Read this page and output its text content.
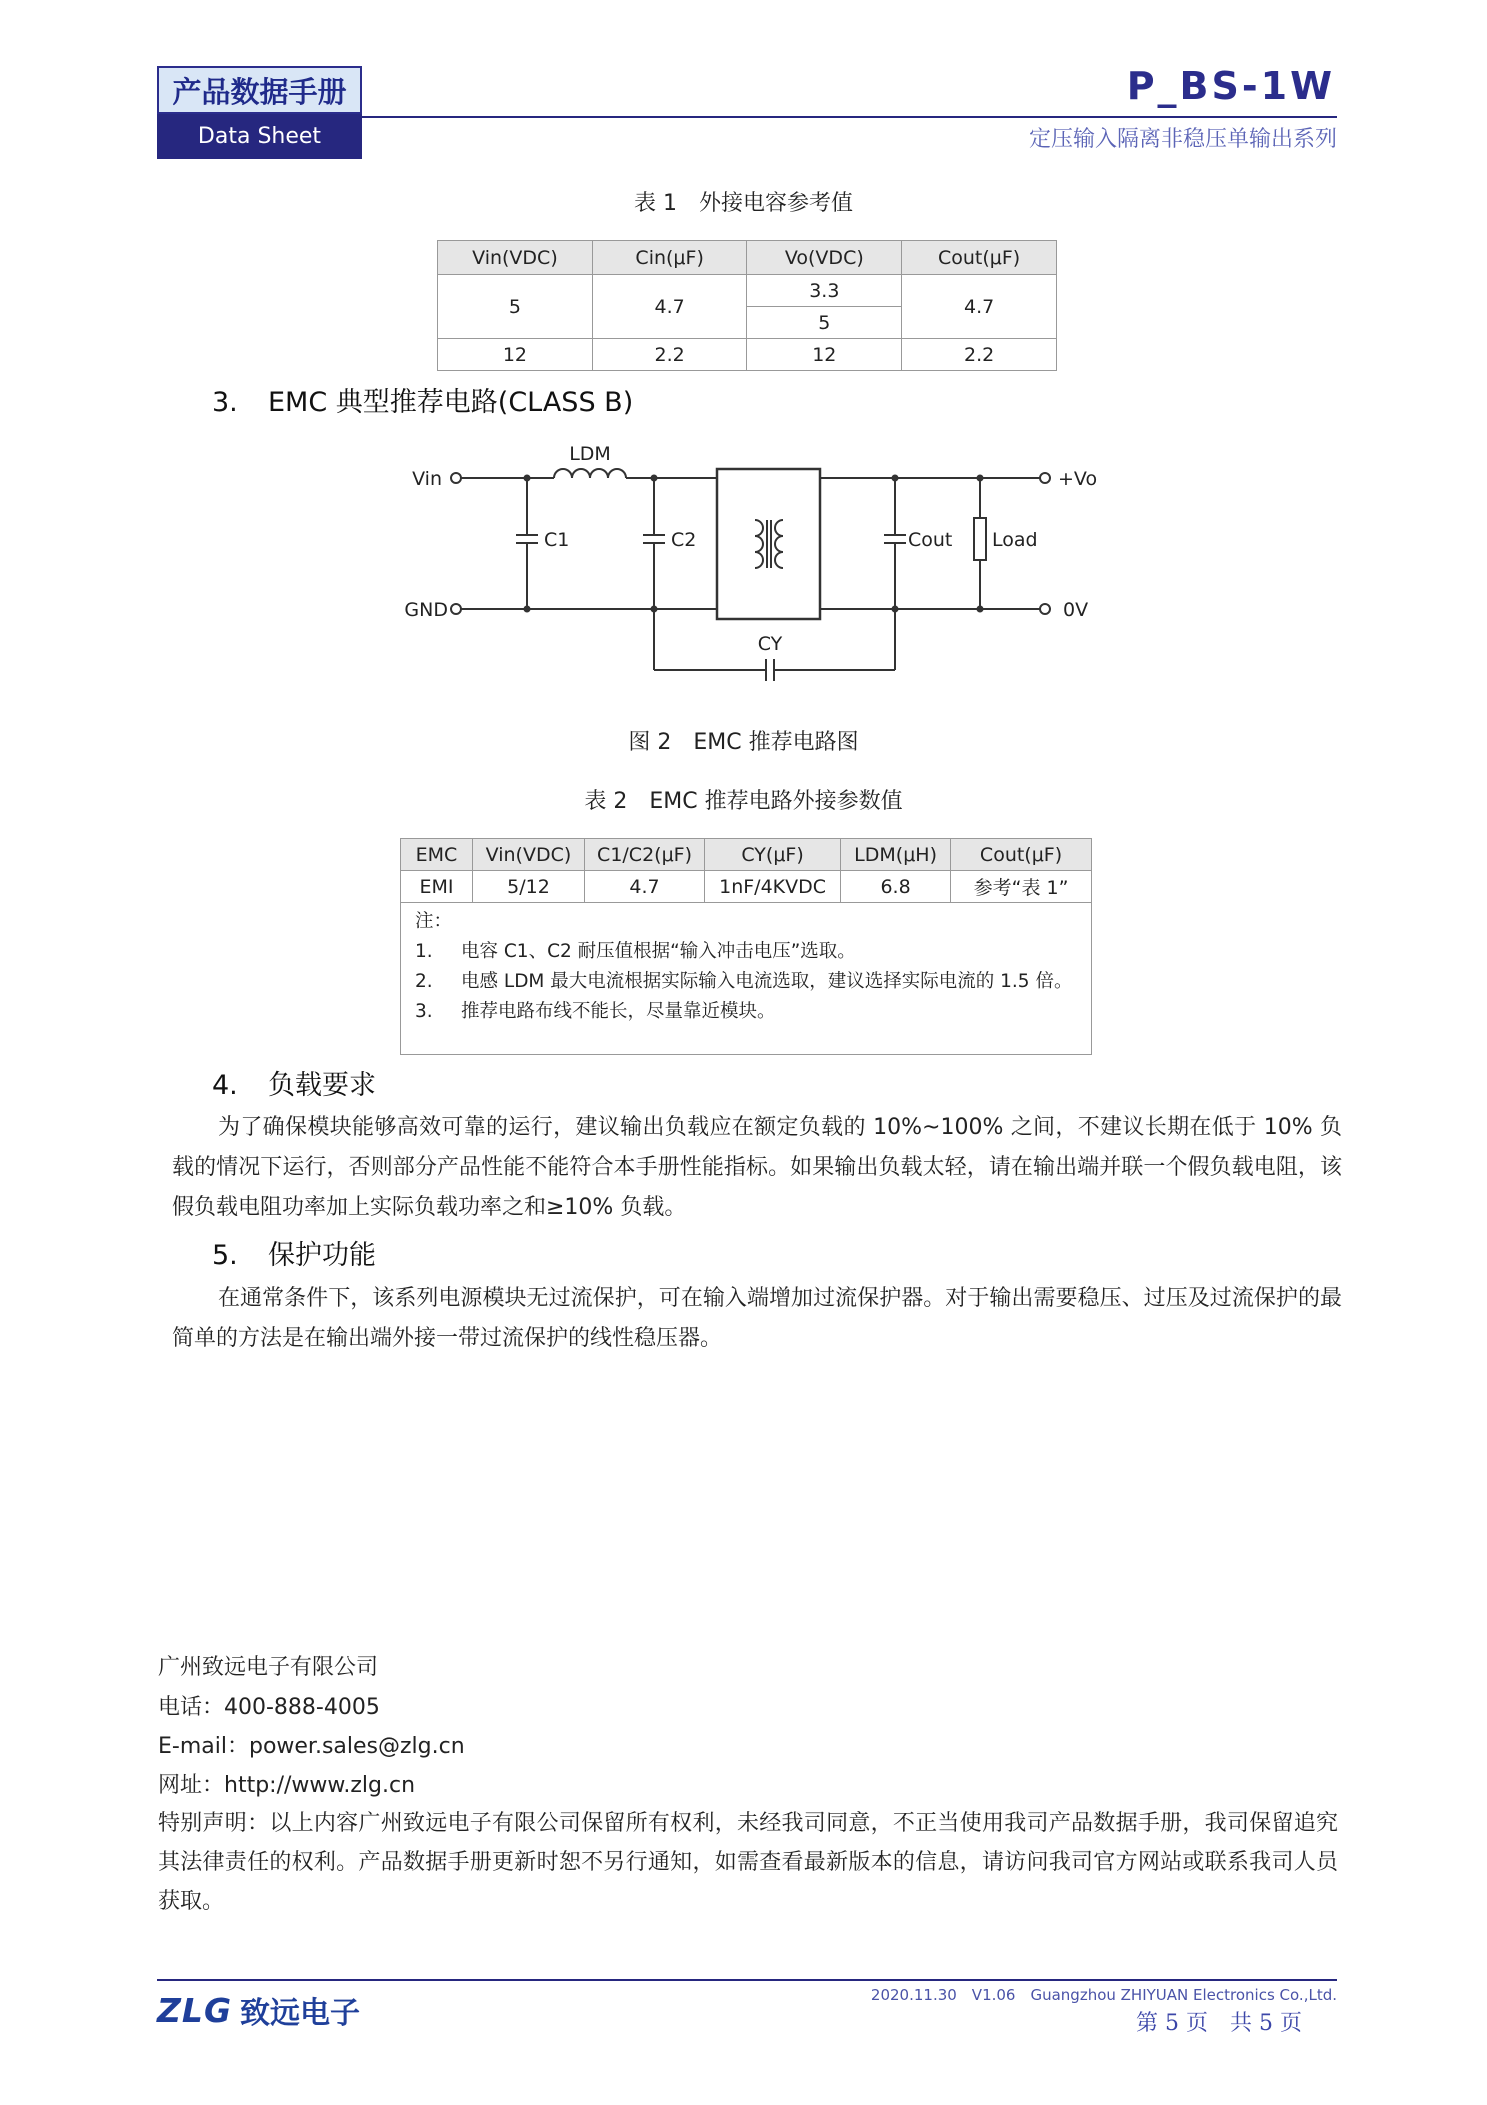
产品数据手册
Data Sheet
P_BS-1W
定压输入隔离非稳压单输出系列
表 1　外接电容参考值
Vin(VDC)	Cin(μF)	Vo(VDC)	Cout(μF)
5	4.7	3.3	4.7
		5	
12	2.2	12	2.2
3. EMC 典型推荐电路(CLASS B)
Vin
GND
LDM
C1	C2	Cout Load
+Vo
0V
CY
图 2　EMC 推荐电路图
表 2　EMC 推荐电路外接参数值
EMC	Vin(VDC)	C1/C2(μF)	CY(μF)	LDM(μH)	Cout(μF)
EMI	5/12	4.7	1nF/4KVDC	6.8	参考“表 1”
注：
1.	电容 C1、C2 耐压值根据“输入冲击电压”选取。
2.	电感 LDM 最大电流根据实际输入电流选取，建议选择实际电流的 1.5 倍。
3.	推荐电路布线不能长，尽量靠近模块。
4. 负载要求
为了确保模块能够高效可靠的运行，建议输出负载应在额定负载的 10%~100% 之间，不建议长期在低于 10% 负载的情况下运行，否则部分产品性能不能符合本手册性能指标。如果输出负载太轻，请在输出端并联一个假负载电阻，该假负载电阻功率加上实际负载功率之和≥10% 负载。
5. 保护功能
在通常条件下，该系列电源模块无过流保护，可在输入端增加过流保护器。对于输出需要稳压、过压及过流保护的最简单的方法是在输出端外接一带过流保护的线性稳压器。
广州致远电子有限公司
电话：400-888-4005
E-mail：power.sales@zlg.cn
网址：http://www.zlg.cn
特别声明：以上内容广州致远电子有限公司保留所有权利，未经我司同意，不正当使用我司产品数据手册，我司保留追究其法律责任的权利。产品数据手册更新时恕不另行通知，如需查看最新版本的信息，请访问我司官方网站或联系我司人员获取。
ZLG 致远电子
2020.11.30　V1.06　Guangzhou ZHIYUAN Electronics Co.,Ltd.
第 5 页　共 5 页
